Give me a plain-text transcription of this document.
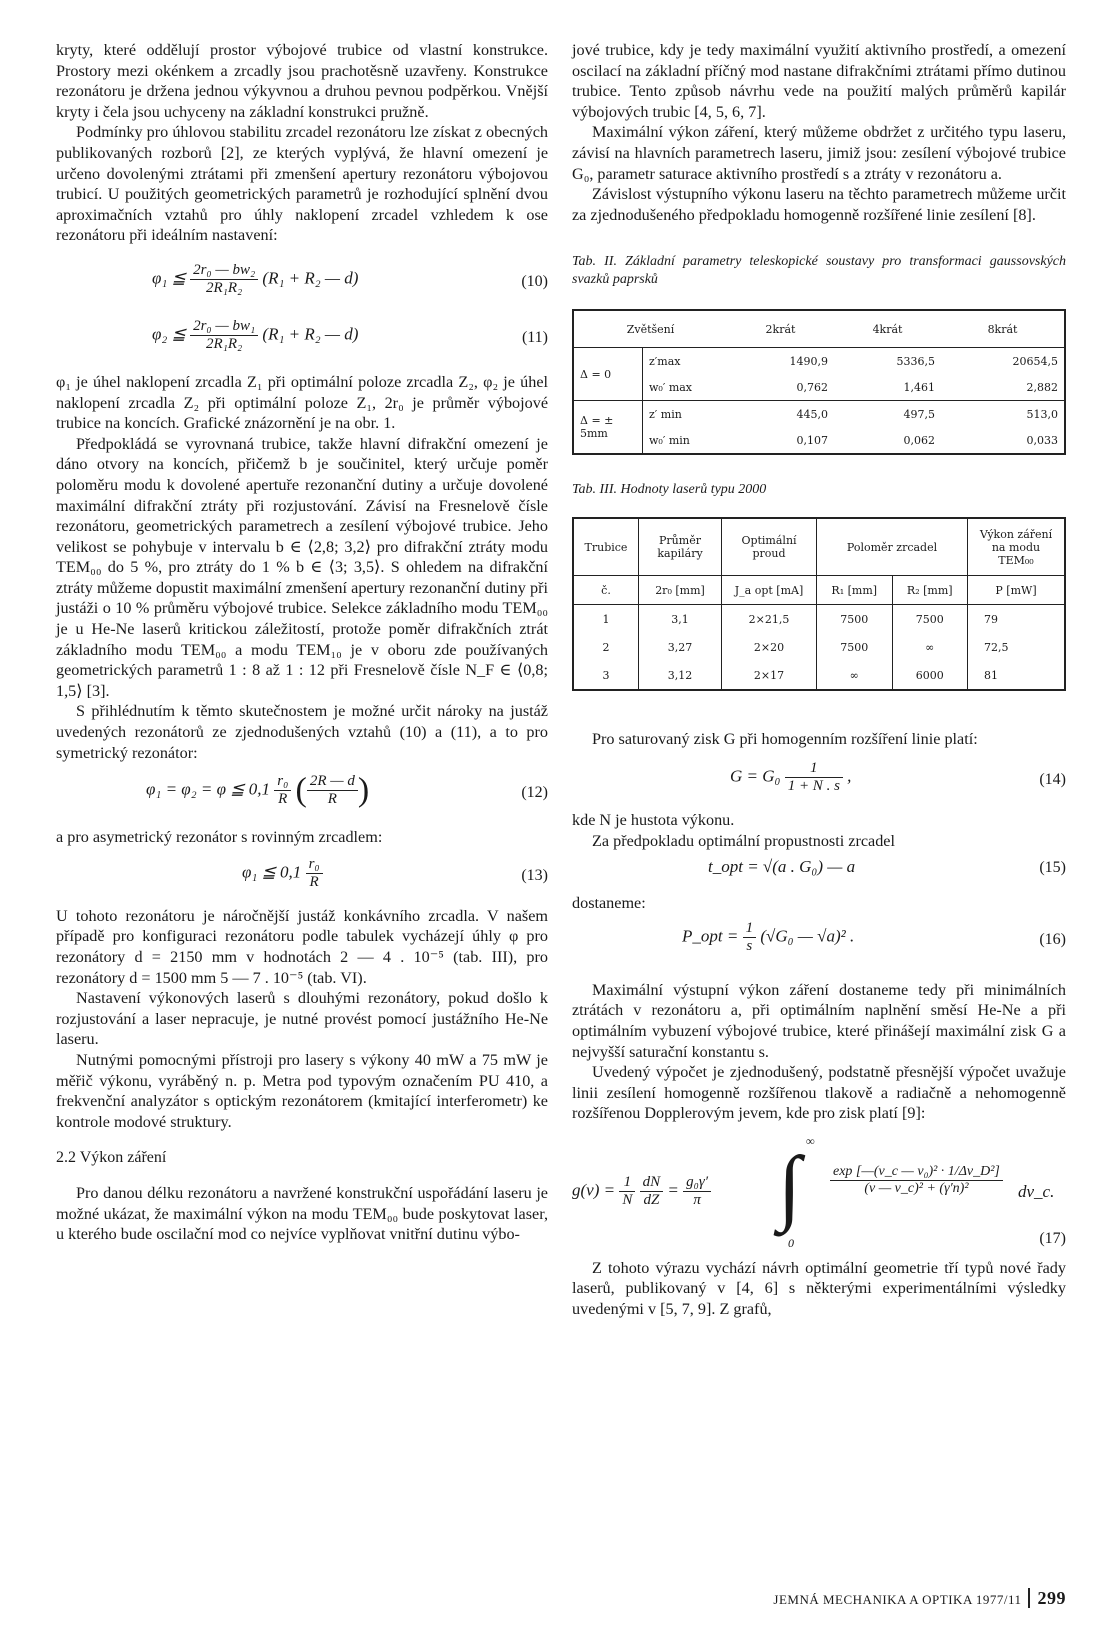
kryty, které oddělují prostor výbojové trubice od vlastní konstrukce. Prostory mezi okénkem a zrcadly jsou prachotěsně uzavřeny. Konstrukce rezonátoru je držena jednou výkyvnou a druhou pevnou podpěrkou. Vnější kryty i čela jsou uchyceny na základní konstrukci pružně.

Podmínky pro úhlovou stabilitu zrcadel rezonátoru lze získat z obecných publikovaných rozborů [2], ze kterých vyplývá, že hlavní omezení je určeno dovolenými ztrátami při zmenšení apertury rezonátoru výbojovou trubicí. U použitých geometrických parametrů je rozhodující splnění dvou aproximačních vztahů pro úhly naklopení zrcadel vzhledem k ose rezonátoru při ideálním nastavení:

φ₁ ≦ $\frac{\text{2r₀ — bw₂}}{\text{2R₁R₂}} (R_1 + R_2$ — d)	(10)
φ₂ ≦ $\frac{\text{2r₀ — bw₁}}{\text{2R₁R₂}} (R_1 + R_2$ — d)	(11)

φ₁ je úhel naklopení zrcadla Z₁ při optimální poloze zrcadla Z₂, φ₂ je úhel naklopení zrcadla Z₂ při optimální poloze Z₁, 2r₀ je průměr výbojové trubice na koncích. Grafické znázornění je na obr. 1.

Předpokládá se vyrovnaná trubice, takže hlavní difrakční omezení je dáno otvory na koncích, přičemž b je součinitel, který určuje poměr poloměru modu k dovolené apertuře rezonanční dutiny a určuje dovolené maximální difrakční ztráty při rozjustování. Závisí na Fresnelově čísle rezonátoru, geometrických parametrech a zesílení výbojové trubice. Jeho velikost se pohybuje v intervalu b ∈ ⟨2,8; 3,2⟩ pro difrakční ztráty modu TEM₀₀ do 5 %, pro ztráty do 1 % b ∈ ⟨3; 3,5⟩. S ohledem na difrakční ztráty můžeme dopustit maximální zmenšení apertury rezonanční dutiny při justáži o 10 % průměru výbojové trubice. Selekce základního modu TEM₀₀ je u He-Ne laserů kritickou záležitostí, protože poměr difrakčních ztrát základního modu TEM₀₀ a modu TEM₁₀ je v oboru zde používaných geometrických parametrů 1 : 8 až 1 : 12 při Fresnelově čísle N_F ∈ ⟨0,8; 1,5⟩ [3].

S přihlédnutím k těmto skutečnostem je možné určit nároky na justáž uvedených rezonátorů ze zjednodušených vztahů (10) a (11), a to pro symetrický rezonátor:

φ₁ = φ₂ = φ ≦ $0,1 \frac{\text{r₀}}{R}$ ( $\frac{2R — d}{R}$ )	(12)

a pro asymetrický rezonátor s rovinným zrcadlem:

φ₁ ≦ $0,1 \frac{\text{r₀}}{R}$	(13)

U tohoto rezonátoru je náročnější justáž konkávního zrcadla. V našem případě pro konfiguraci rezonátoru podle tabulek vycházejí úhly φ pro rezonátory d = 2150 mm v hodnotách 2 — 4 . 10⁻⁵ (tab. III), pro rezonátory d = 1500 mm 5 — 7 . 10⁻⁵ (tab. VI).

Nastavení výkonových laserů s dlouhými rezonátory, pokud došlo k rozjustování a laser nepracuje, je nutné provést pomocí justážního He-Ne laseru.

Nutnými pomocnými přístroji pro lasery s výkony 40 mW a 75 mW je měřič výkonu, vyráběný n. p. Metra pod typovým označením PU 410, a frekvenční analyzátor s optickým rezonátorem (kmitající interferometr) ke kontrole modové struktury.

2.2 Výkon záření

Pro danou délku rezonátoru a navržené konstrukční uspořádání laseru je možné ukázat, že maximální výkon na modu TEM₀₀ bude poskytovat laser, u kterého bude oscilační mod co nejvíce vyplňovat vnitřní dutinu výbo-

jové trubice, kdy je tedy maximální využití aktivního prostředí, a omezení oscilací na základní příčný mod nastane difrakčními ztrátami přímo dutinou trubice. Tento způsob návrhu vede na použití malých průměrů kapilár výbojových trubic [4, 5, 6, 7].

Maximální výkon záření, který můžeme obdržet z určitého typu laseru, závisí na hlavních parametrech laseru, jimiž jsou: zesílení výbojové trubice G₀, parametr saturace aktivního prostředí s a ztráty v rezonátoru a.

Závislost výstupního výkonu laseru na těchto parametrech můžeme určit za zjednodušeného předpokladu homogenně rozšířené linie zesílení [8].

Tab. II. Základní parametry teleskopické soustavy pro transformaci gaussovských svazků paprsků

Zvětšení		2krát	4krát	8krát
Δ = 0	z′max	1490,9	5336,5	20654,5
	w₀′ max	0,762	1,461	2,882
Δ = ± 5mm	z′ min	445,0	497,5	513,0
	w₀′ min	0,107	0,062	0,033

Tab. III. Hodnoty laserů typu 2000

Trubice	Průměr kapiláry	Optimální proud	Poloměr zrcadel		Výkon záření na modu TEM₀₀
č.	2r₀ [mm]	J_a opt [mA]	R₁ [mm]	R₂ [mm]	P [mW]
1	3,1	2×21,5	7500	7500	79
2	3,27	2×20	7500	∞	72,5
3	3,12	2×17	∞	6000	81

Pro saturovaný zisk G při homogenním rozšíření linie platí:

$G = G_0 \frac{1}{1 + N . s}$ ,	(14)

kde N je hustota výkonu.

Za předpokladu optimální propustnosti zrcadel

t_opt = √(a . G₀) — a	(15)

dostaneme:

P_opt = $\frac{1}{s} (√G_0$ — √a)² .	(16)

Maximální výstupní výkon záření dostaneme tedy při minimálních ztrátách v rezonátoru a, při optimálním naplnění směsí He-Ne a při optimálním vybuzení výbojové trubice, které přinášejí maximální zisk G a nejvyšší saturační konstantu s.

Uvedený výpočet je zjednodušený, podstatně přesnější výpočet uvažuje linii zesílení homogenně rozšířenou tlakově a radiačně a nehomogenně rozšířenou Dopplerovým jevem, kde pro zisk platí [9]:

$g(\nu) = \frac{1}{N}$
$\frac{dN}{dZ} = \frac{\text{g₀γ′}}{\pi}$
∞
∫
0
$\frac{\text{exp [—(ν\_c — ν₀)² · 1/Δν\_D²]}}{\text{(ν — ν\_c)² + (γ′n)²}}$ dν_c.
(17)

Z tohoto výrazu vychází návrh optimální geometrie tří typů nové řady laserů, publikovaný v [4, 6] s některými experimentálními výsledky uvedenými v [5, 7, 9]. Z grafů,

JEMNÁ MECHANIKA A OPTIKA 1977/11 299
